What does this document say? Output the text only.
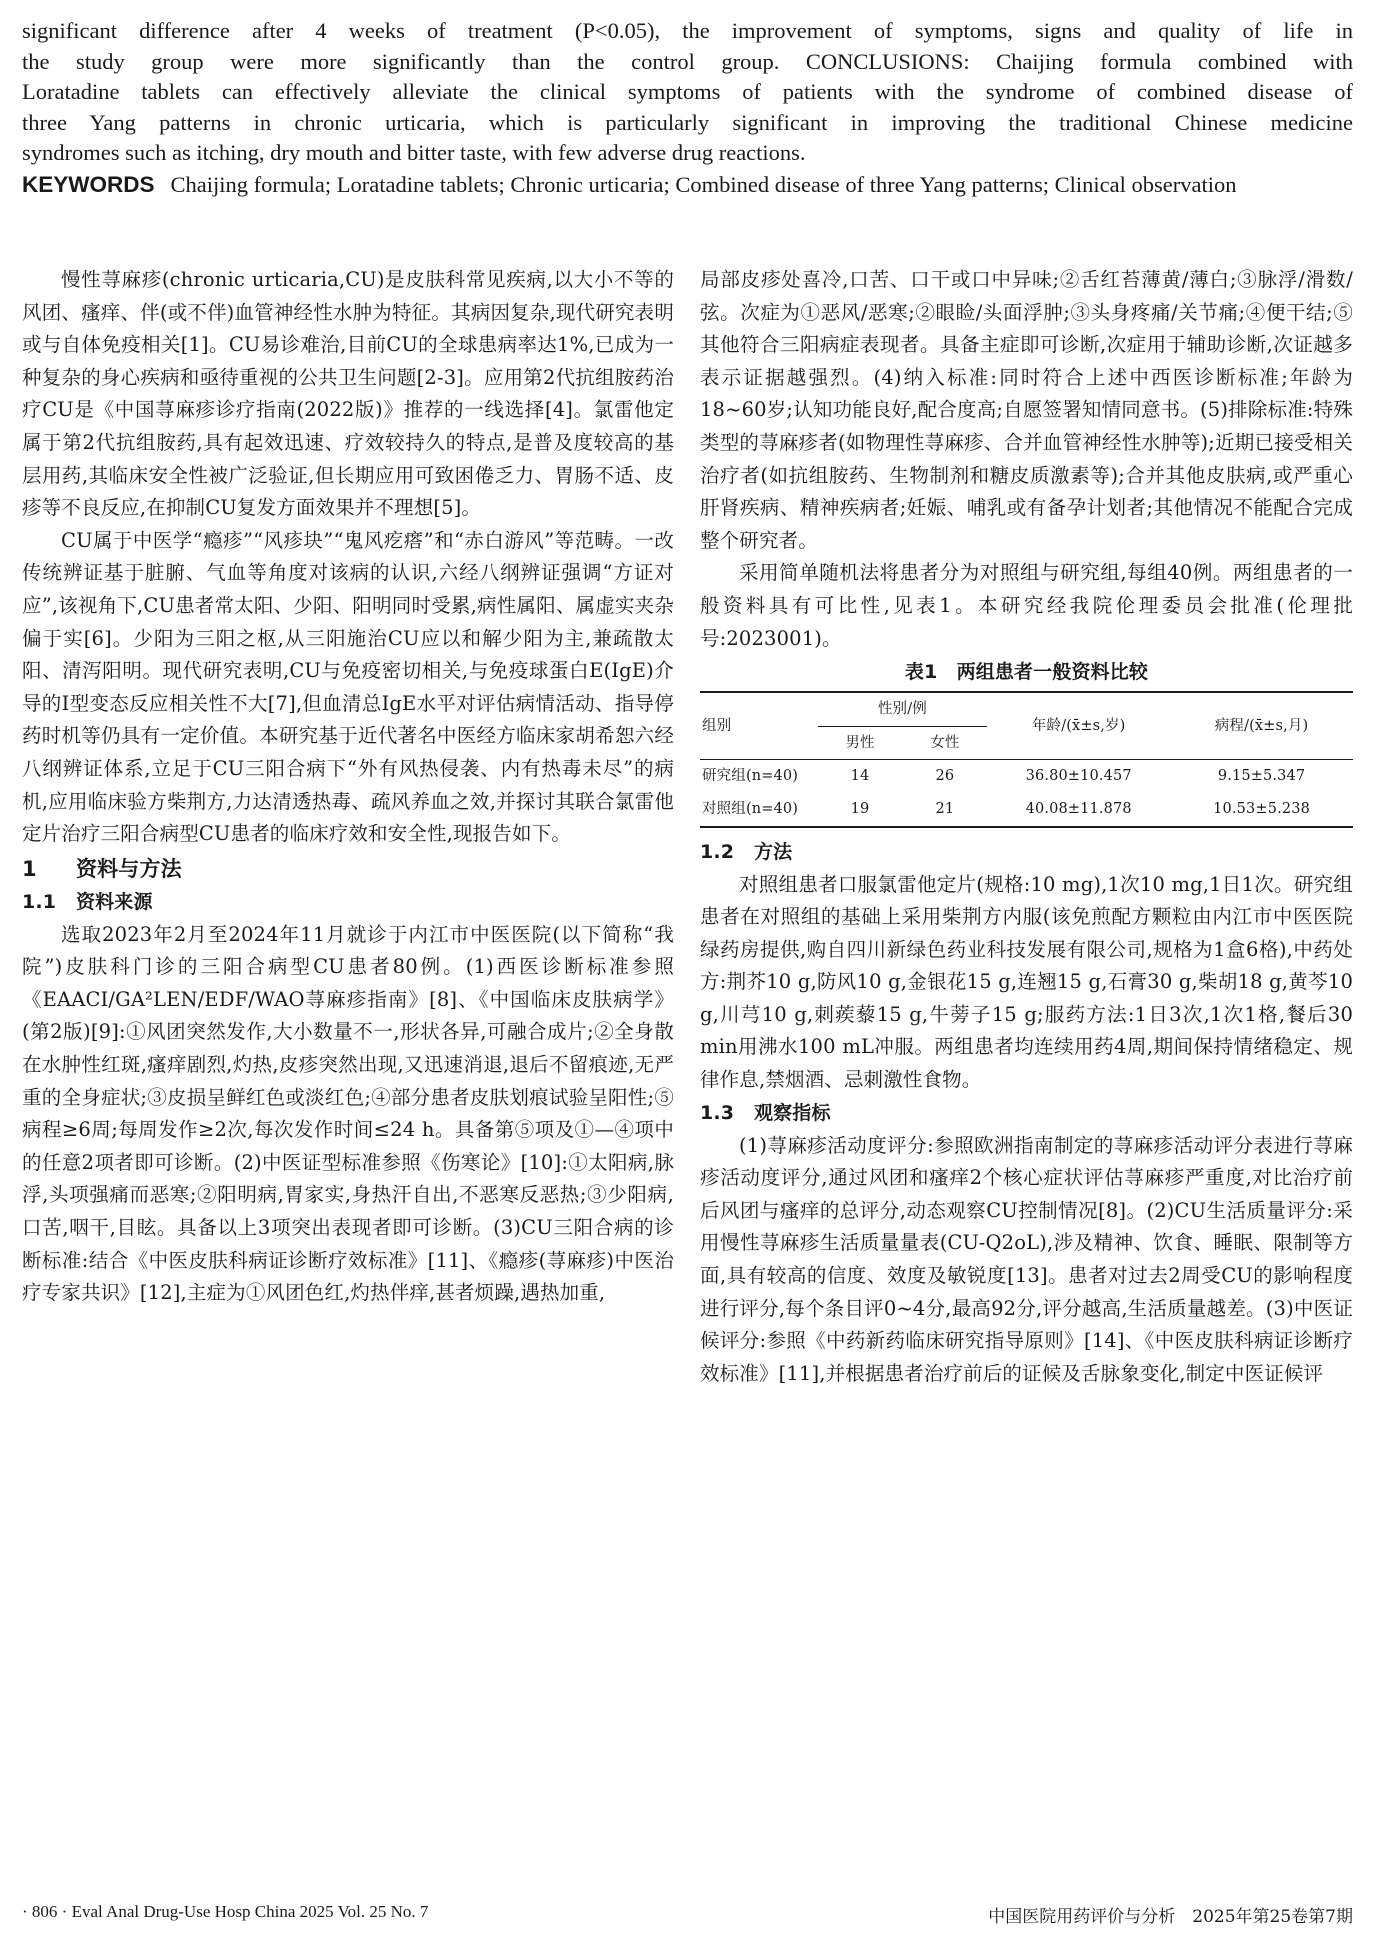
significant difference after 4 weeks of treatment (P<0.05), the improvement of symptoms, signs and quality of life in
the study group were more significantly than the control group. CONCLUSIONS: Chaijing formula combined with
Loratadine tablets can effectively alleviate the clinical symptoms of patients with the syndrome of combined disease of
three Yang patterns in chronic urticaria, which is particularly significant in improving the traditional Chinese medicine
syndromes such as itching, dry mouth and bitter taste, with few adverse drug reactions.
KEYWORDS Chaijing formula; Loratadine tablets; Chronic urticaria; Combined disease of three Yang patterns; Clinical observation

慢性荨麻疹(chronic urticaria,CU)是皮肤科常见疾病,以大小不等的风团、瘙痒、伴(或不伴)血管神经性水肿为特征。其病因复杂,现代研究表明或与自体免疫相关[1]。CU易诊难治,目前CU的全球患病率达1%,已成为一种复杂的身心疾病和亟待重视的公共卫生问题[2-3]。应用第2代抗组胺药治疗CU是《中国荨麻疹诊疗指南(2022版)》推荐的一线选择[4]。氯雷他定属于第2代抗组胺药,具有起效迅速、疗效较持久的特点,是普及度较高的基层用药,其临床安全性被广泛验证,但长期应用可致困倦乏力、胃肠不适、皮疹等不良反应,在抑制CU复发方面效果并不理想[5]。

CU属于中医学“瘾疹”“风疹块”“鬼风疙瘩”和“赤白游风”等范畴。一改传统辨证基于脏腑、气血等角度对该病的认识,六经八纲辨证强调“方证对应”,该视角下,CU患者常太阳、少阳、阳明同时受累,病性属阳、属虚实夹杂偏于实[6]。少阳为三阳之枢,从三阳施治CU应以和解少阳为主,兼疏散太阳、清泻阳明。现代研究表明,CU与免疫密切相关,与免疫球蛋白E(IgE)介导的Ⅰ型变态反应相关性不大[7],但血清总IgE水平对评估病情活动、指导停药时机等仍具有一定价值。本研究基于近代著名中医经方临床家胡希恕六经八纲辨证体系,立足于CU三阳合病下“外有风热侵袭、内有热毒未尽”的病机,应用临床验方柴荆方,力达清透热毒、疏风养血之效,并探讨其联合氯雷他定片治疗三阳合病型CU患者的临床疗效和安全性,现报告如下。

1 资料与方法
1.1 资料来源

选取2023年2月至2024年11月就诊于内江市中医医院(以下简称“我院”)皮肤科门诊的三阳合病型CU患者80例。(1)西医诊断标准参照《EAACI/GA²LEN/EDF/WAO荨麻疹指南》[8]、《中国临床皮肤病学》(第2版)[9]:①风团突然发作,大小数量不一,形状各异,可融合成片;②全身散在水肿性红斑,瘙痒剧烈,灼热,皮疹突然出现,又迅速消退,退后不留痕迹,无严重的全身症状;③皮损呈鲜红色或淡红色;④部分患者皮肤划痕试验呈阳性;⑤病程≥6周;每周发作≥2次,每次发作时间≤24 h。具备第⑤项及①—④项中的任意2项者即可诊断。(2)中医证型标准参照《伤寒论》[10]:①太阳病,脉浮,头项强痛而恶寒;②阳明病,胃家实,身热汗自出,不恶寒反恶热;③少阳病,口苦,咽干,目眩。具备以上3项突出表现者即可诊断。(3)CU三阳合病的诊断标准:结合《中医皮肤科病证诊断疗效标准》[11]、《瘾疹(荨麻疹)中医治疗专家共识》[12],主症为①风团色红,灼热伴痒,甚者烦躁,遇热加重,

局部皮疹处喜冷,口苦、口干或口中异味;②舌红苔薄黄/薄白;③脉浮/滑数/弦。次症为①恶风/恶寒;②眼睑/头面浮肿;③头身疼痛/关节痛;④便干结;⑤其他符合三阳病症表现者。具备主症即可诊断,次症用于辅助诊断,次证越多表示证据越强烈。(4)纳入标准:同时符合上述中西医诊断标准;年龄为18~60岁;认知功能良好,配合度高;自愿签署知情同意书。(5)排除标准:特殊类型的荨麻疹者(如物理性荨麻疹、合并血管神经性水肿等);近期已接受相关治疗者(如抗组胺药、生物制剂和糖皮质激素等);合并其他皮肤病,或严重心肝肾疾病、精神疾病者;妊娠、哺乳或有备孕计划者;其他情况不能配合完成整个研究者。

采用简单随机法将患者分为对照组与研究组,每组40例。两组患者的一般资料具有可比性,见表1。本研究经我院伦理委员会批准(伦理批号:2023001)。

表1　两组患者一般资料比较
组别	性别/例		年龄/(x̄±s,岁)	病程/(x̄±s,月)
	男性	女性		
研究组(n=40)	14	26	36.80±10.457	9.15±5.347
对照组(n=40)	19	21	40.08±11.878	10.53±5.238
1.2 方法

对照组患者口服氯雷他定片(规格:10 mg),1次10 mg,1日1次。研究组患者在对照组的基础上采用柴荆方内服(该免煎配方颗粒由内江市中医医院绿药房提供,购自四川新绿色药业科技发展有限公司,规格为1盒6格),中药处方:荆芥10 g,防风10 g,金银花15 g,连翘15 g,石膏30 g,柴胡18 g,黄芩10 g,川芎10 g,刺蒺藜15 g,牛蒡子15 g;服药方法:1日3次,1次1格,餐后30 min用沸水100 mL冲服。两组患者均连续用药4周,期间保持情绪稳定、规律作息,禁烟酒、忌刺激性食物。

1.3 观察指标

(1)荨麻疹活动度评分:参照欧洲指南制定的荨麻疹活动评分表进行荨麻疹活动度评分,通过风团和瘙痒2个核心症状评估荨麻疹严重度,对比治疗前后风团与瘙痒的总评分,动态观察CU控制情况[8]。(2)CU生活质量评分:采用慢性荨麻疹生活质量量表(CU-Q2oL),涉及精神、饮食、睡眠、限制等方面,具有较高的信度、效度及敏锐度[13]。患者对过去2周受CU的影响程度进行评分,每个条目评0~4分,最高92分,评分越高,生活质量越差。(3)中医证候评分:参照《中药新药临床研究指导原则》[14]、《中医皮肤科病证诊断疗效标准》[11],并根据患者治疗前后的证候及舌脉象变化,制定中医证候评

· 806 · Eval Anal Drug-Use Hosp China 2025 Vol. 25 No. 7	中国医院用药评价与分析　2025年第25卷第7期
